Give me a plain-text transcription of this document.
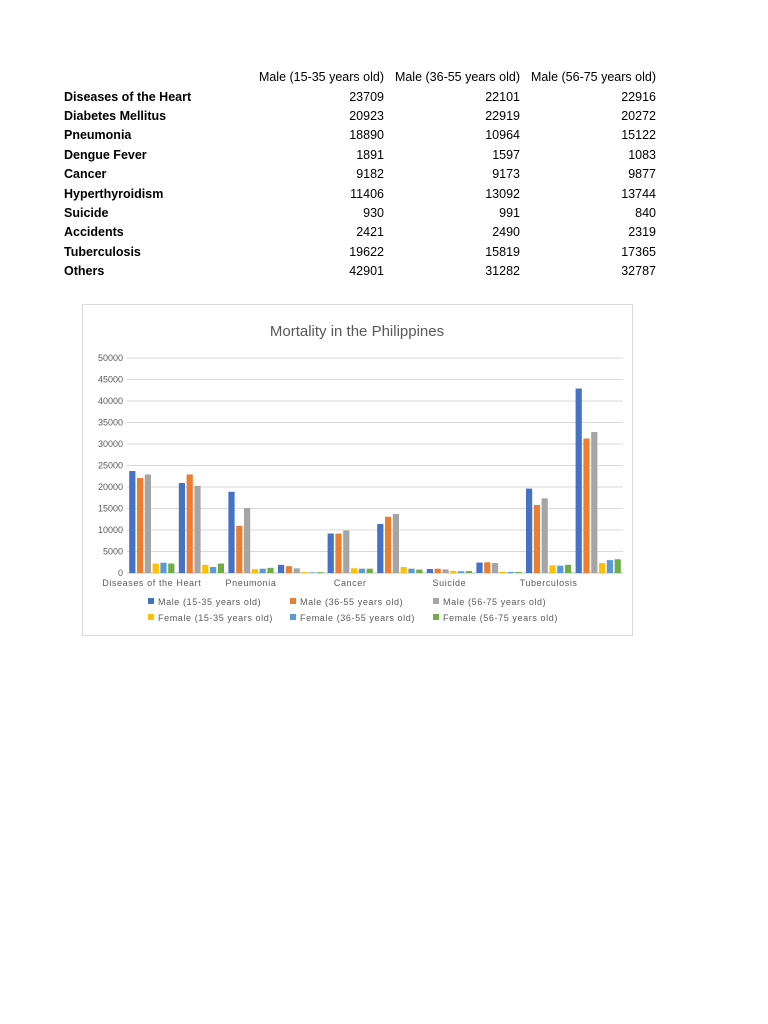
	Male (15-35 years old)	Male (36-55 years old)	Male (56-75 years old)
Diseases of the Heart	23709	22101	22916
Diabetes Mellitus	20923	22919	20272
Pneumonia	18890	10964	15122
Dengue Fever	1891	1597	1083
Cancer	9182	9173	9877
Hyperthyroidism	11406	13092	13744
Suicide	930	991	840
Accidents	2421	2490	2319
Tuberculosis	19622	15819	17365
Others	42901	31282	32787
Mortality in the Philippines
0
5000
10000
15000
20000
25000
30000
35000
40000
45000
50000
Diseases of the Heart	Pneumonia	Cancer	Suicide	Tuberculosis
Male (15-35 years old)	Male (36-55 years old)	Male (56-75 years old)
Female (15-35 years old)	Female (36-55 years old)	Female (56-75 years old)
